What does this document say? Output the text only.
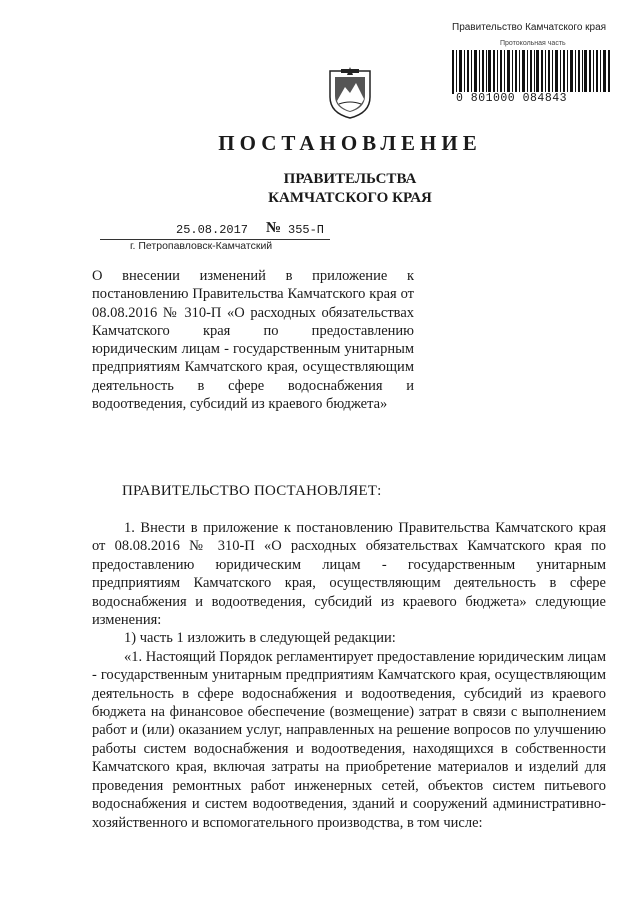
Правительство Камчатского края
Протокольная часть
0 801000 084843
ПОСТАНОВЛЕНИЕ
ПРАВИТЕЛЬСТВА
КАМЧАТСКОГО КРАЯ
25.08.2017 № 355-П
г. Петропавловск-Камчатский
О внесении изменений в приложение к постановлению Правительства Камчатского края от 08.08.2016 № 310-П «О расходных обязательствах Камчатского края по предоставлению юридическим лицам - государственным унитарным предприятиям Камчатского края, осуществляющим деятельность в сфере водоснабжения и водоотведения, субсидий из краевого бюджета»
ПРАВИТЕЛЬСТВО ПОСТАНОВЛЯЕТ:

1. Внести в приложение к постановлению Правительства Камчатского края от 08.08.2016 № 310-П «О расходных обязательствах Камчатского края по предоставлению юридическим лицам - государственным унитарным предприятиям Камчатского края, осуществляющим деятельность в сфере водоснабжения и водоотведения, субсидий из краевого бюджета» следующие изменения:

1) часть 1 изложить в следующей редакции:

«1. Настоящий Порядок регламентирует предоставление юридическим лицам - государственным унитарным предприятиям Камчатского края, осуществляющим деятельность в сфере водоснабжения и водоотведения, субсидий из краевого бюджета на финансовое обеспечение (возмещение) затрат в связи с выполнением работ и (или) оказанием услуг, направленных на решение вопросов по улучшению работы систем водоснабжения и водоотведения, находящихся в собственности Камчатского края, включая затраты на приобретение материалов и изделий для проведения ремонтных работ инженерных сетей, объектов систем питьевого водоснабжения и систем водоотведения, зданий и сооружений административно-хозяйственного и вспомогательного производства, в том числе:
